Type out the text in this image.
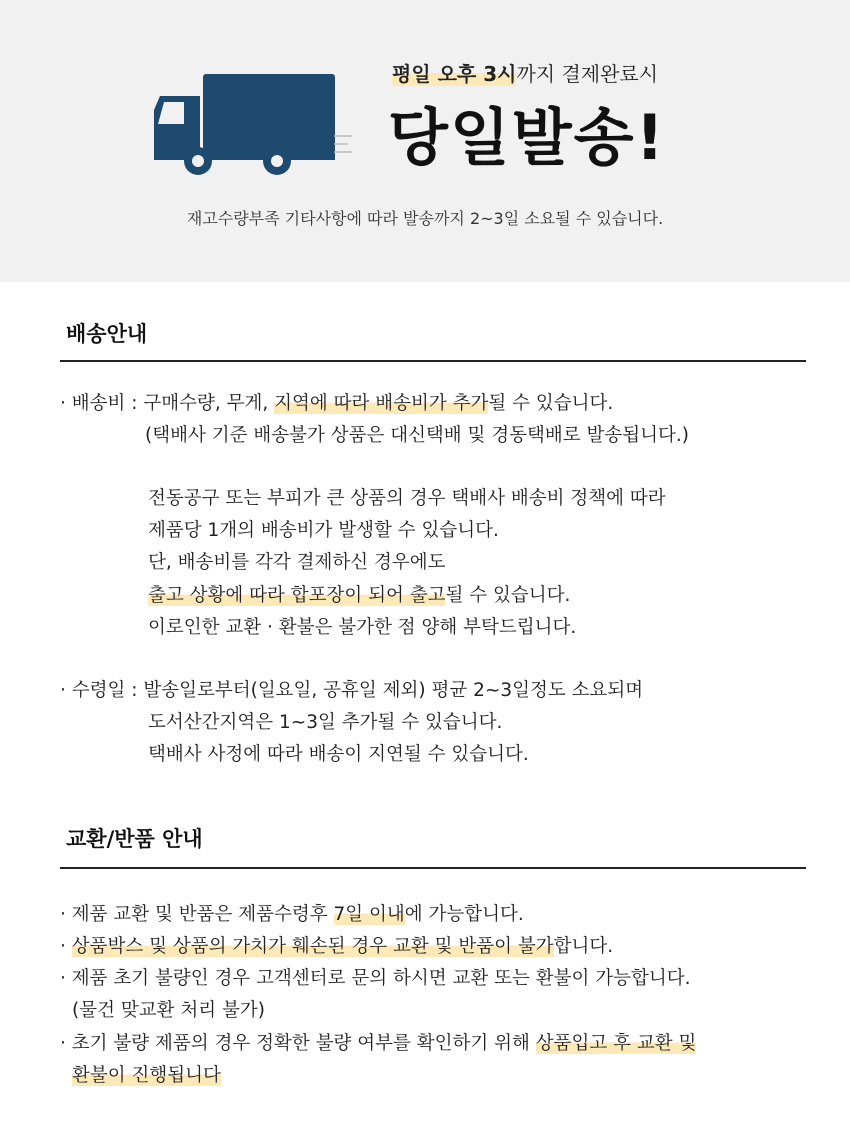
평일 오후 3시까지 결제완료시
당일발송!
재고수량부족 기타사항에 따라 발송까지 2~3일 소요될 수 있습니다.
배송안내
· 배송비 : 구매수량, 무게, 지역에 따라 배송비가 추가될 수 있습니다.
(택배사 기준 배송불가 상품은 대신택배 및 경동택배로 발송됩니다.)
전동공구 또는 부피가 큰 상품의 경우 택배사 배송비 정책에 따라
제품당 1개의 배송비가 발생할 수 있습니다.
단, 배송비를 각각 결제하신 경우에도
출고 상황에 따라 합포장이 되어 출고될 수 있습니다.
이로인한 교환 · 환불은 불가한 점 양해 부탁드립니다.
· 수령일 : 발송일로부터(일요일, 공휴일 제외) 평균 2~3일정도 소요되며
도서산간지역은 1~3일 추가될 수 있습니다.
택배사 사정에 따라 배송이 지연될 수 있습니다.
교환/반품 안내
· 제품 교환 및 반품은 제품수령후 7일 이내에 가능합니다.
· 상품박스 및 상품의 가치가 훼손된 경우 교환 및 반품이 불가합니다.
· 제품 초기 불량인 경우 고객센터로 문의 하시면 교환 또는 환불이 가능합니다.
(물건 맞교환 처리 불가)
· 초기 불량 제품의 경우 정확한 불량 여부를 확인하기 위해 상품입고 후 교환 및
환불이 진행됩니다
